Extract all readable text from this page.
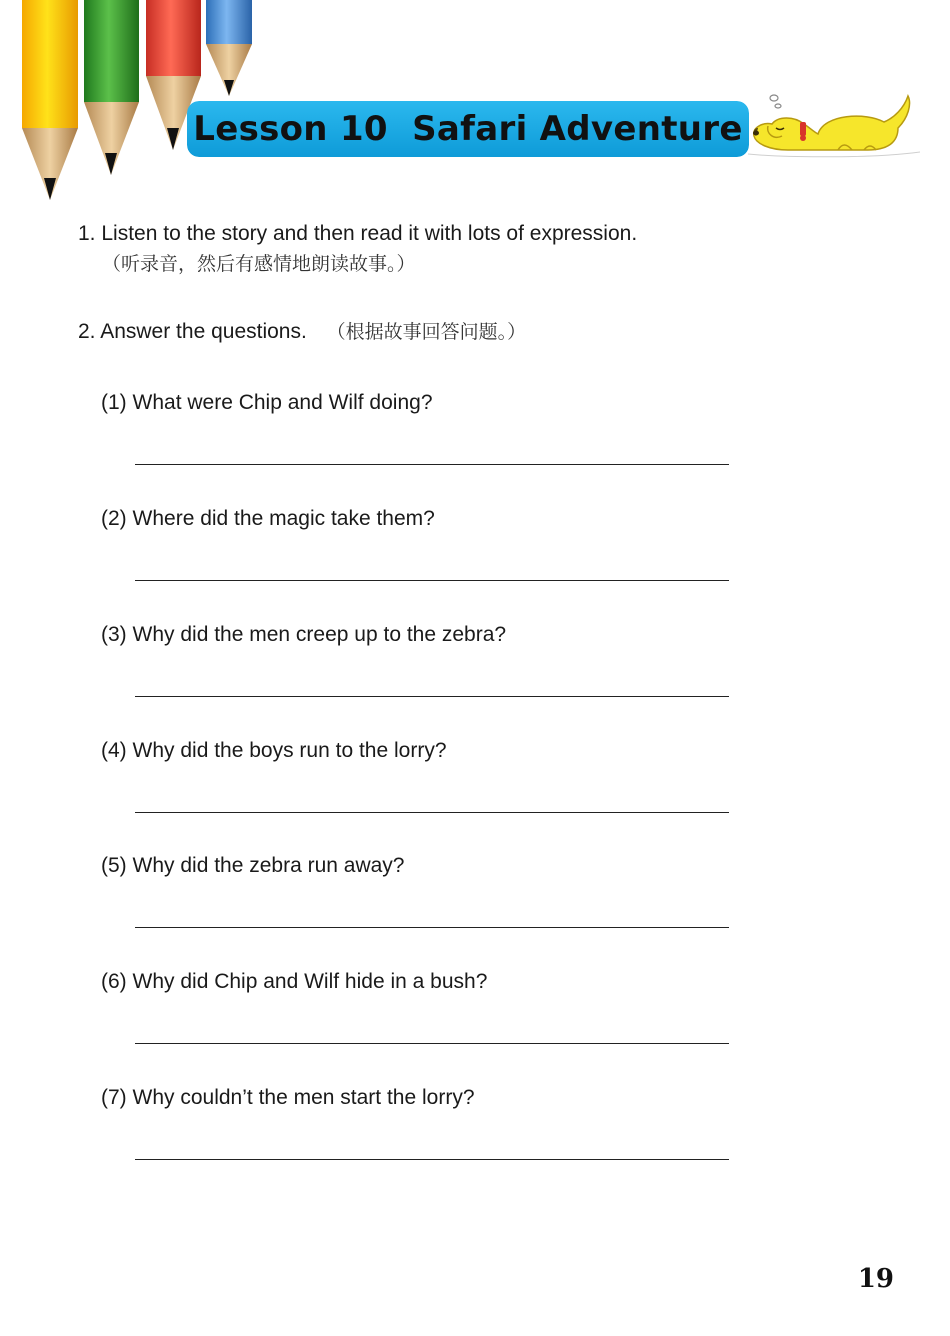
Lesson 10  Safari Adventure
1. Listen to the story and then read it with lots of expression.
（听录音，然后有感情地朗读故事。）
2. Answer the questions. （根据故事回答问题。）
(1) What were Chip and Wilf doing?
(2) Where did the magic take them?
(3) Why did the men creep up to the zebra?
(4) Why did the boys run to the lorry?
(5) Why did the zebra run away?
(6) Why did Chip and Wilf hide in a bush?
(7) Why couldn’t the men start the lorry?
19
